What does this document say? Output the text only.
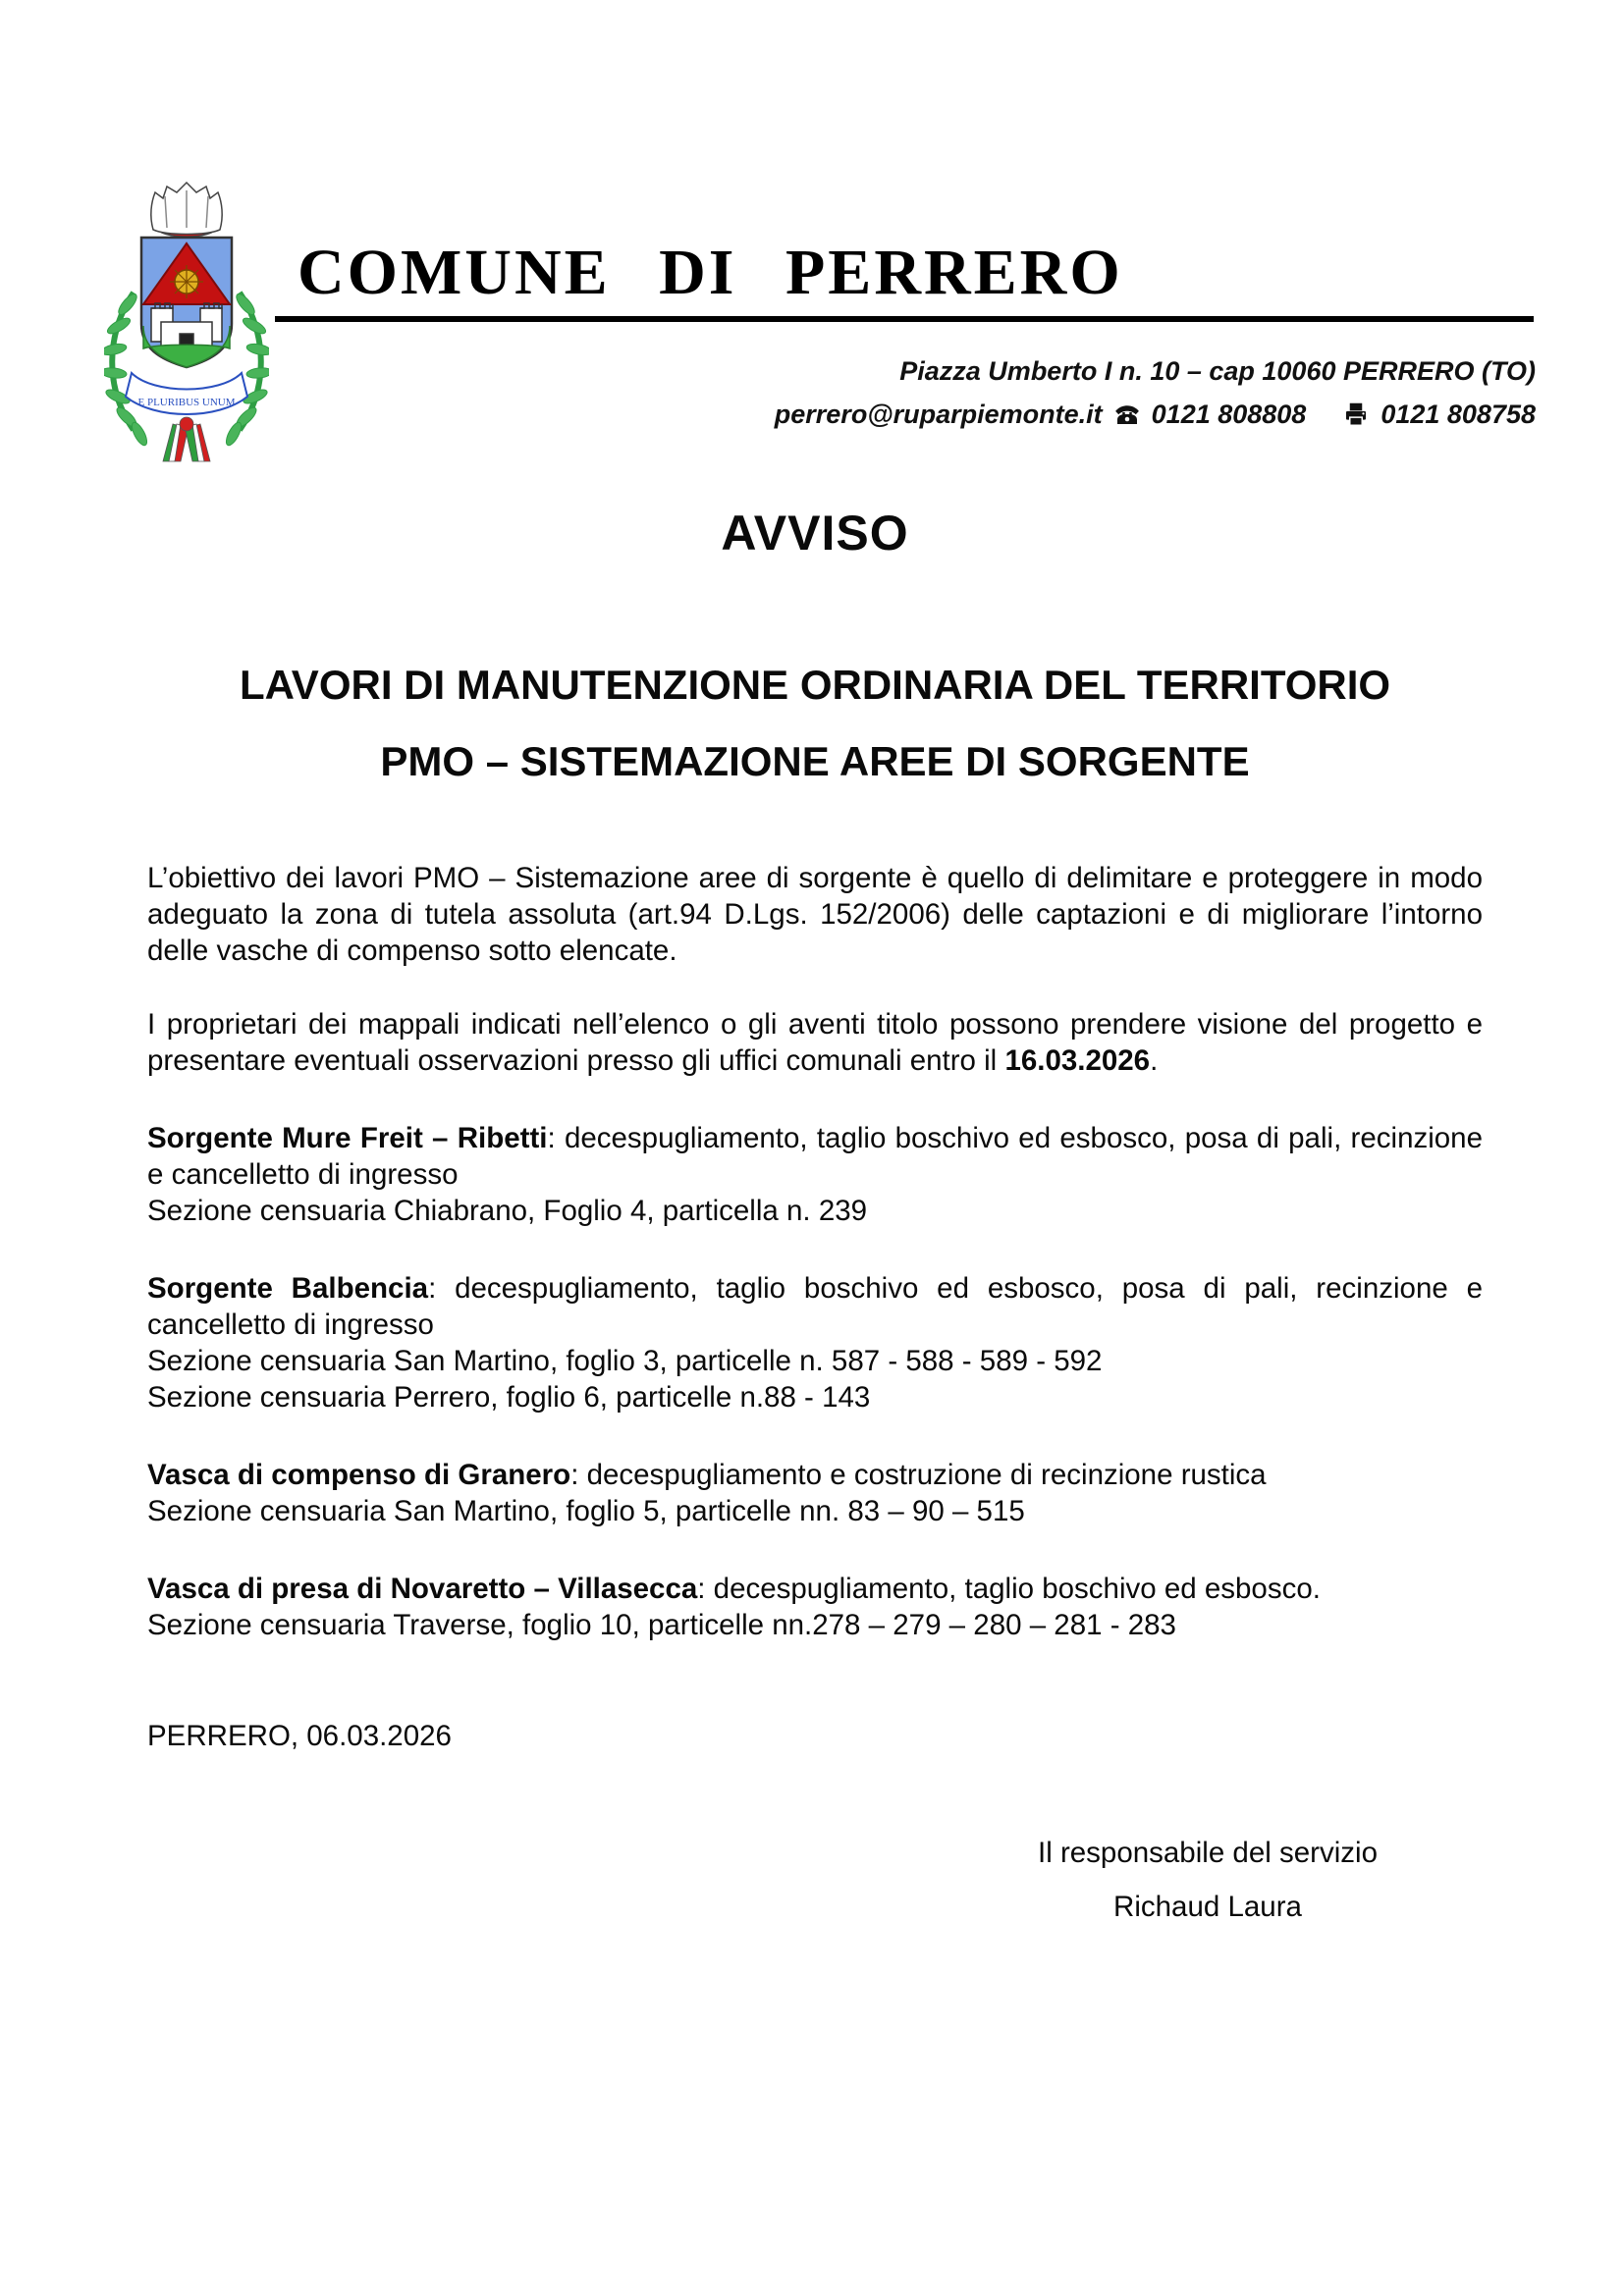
E PLURIBUS UNUM
COMUNE DI PERRERO
Piazza Umberto I n. 10 – cap 10060 PERRERO (TO)
perrero@ruparpiemonte.it 0121 808808	0121 808758
AVVISO
LAVORI DI MANUTENZIONE ORDINARIA DEL TERRITORIO
PMO – SISTEMAZIONE AREE DI SORGENTE

L’obiettivo dei lavori PMO – Sistemazione aree di sorgente è quello di delimitare e proteggere in modo adeguato la zona di tutela assoluta (art.94 D.Lgs. 152/2006) delle captazioni e di migliorare l’intorno delle vasche di compenso sotto elencate.

I proprietari dei mappali indicati nell’elenco o gli aventi titolo possono prendere visione del progetto e presentare eventuali osservazioni presso gli uffici comunali entro il 16.03.2026.

Sorgente Mure Freit – Ribetti: decespugliamento, taglio boschivo ed esbosco, posa di pali, recinzione e cancelletto di ingresso
Sezione censuaria Chiabrano, Foglio 4, particella n. 239
Sorgente Balbencia: decespugliamento, taglio boschivo ed esbosco, posa di pali, recinzione e cancelletto di ingresso
Sezione censuaria San Martino, foglio 3, particelle n. 587 - 588 - 589 - 592
Sezione censuaria Perrero, foglio 6, particelle n.88 - 143
Vasca di compenso di Granero: decespugliamento e costruzione di recinzione rustica
Sezione censuaria San Martino, foglio 5, particelle nn. 83 – 90 – 515
Vasca di presa di Novaretto – Villasecca: decespugliamento, taglio boschivo ed esbosco.
Sezione censuaria Traverse, foglio 10, particelle nn.278 – 279 – 280 – 281 - 283
PERRERO, 06.03.2026
Il responsabile del servizio
Richaud Laura
